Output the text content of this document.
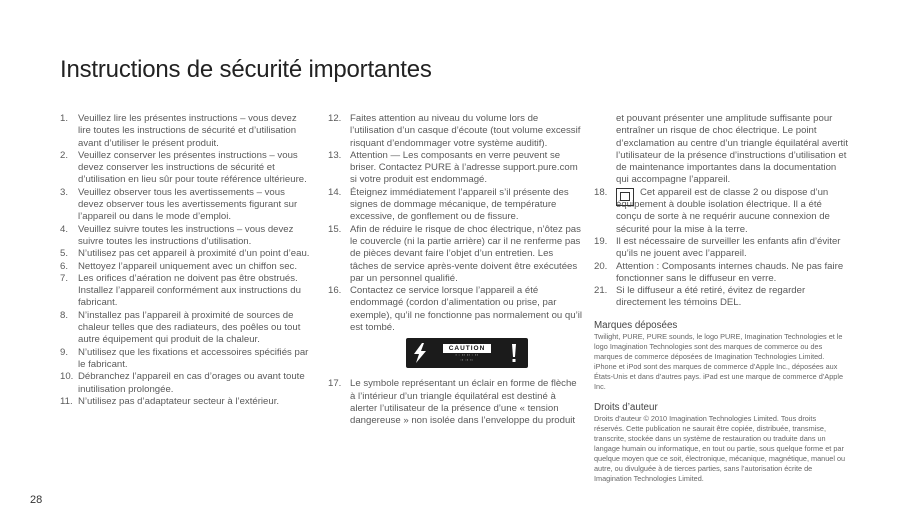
Instructions de sécurité importantes
1. Veuillez lire les présentes instructions – vous devez lire toutes les instructions de sécurité et d’utilisation avant d’utiliser le présent produit.
2. Veuillez conserver les présentes instructions – vous devez conserver les instructions de sécurité et d’utilisation en lieu sûr pour toute référence ultérieure.
3. Veuillez observer tous les avertissements – vous devez observer tous les avertissements figurant sur l’appareil ou dans le mode d’emploi.
4. Veuillez suivre toutes les instructions – vous devez suivre toutes les instructions d’utilisation.
5. N’utilisez pas cet appareil à proximité d’un point d’eau.
6. Nettoyez l’appareil uniquement avec un chiffon sec.
7. Les orifices d’aération ne doivent pas être obstrués. Installez l’appareil conformément aux instructions du fabricant.
8. N’installez pas l’appareil à proximité de sources de chaleur telles que des radiateurs, des poêles ou tout autre équipement qui produit de la chaleur.
9. N’utilisez que les fixations et accessoires spécifiés par le fabricant.
10. Débranchez l’appareil en cas d’orages ou avant toute inutilisation prolongée.
11. N’utilisez pas d’adaptateur secteur à l’extérieur.
12. Faites attention au niveau du volume lors de l’utilisation d’un casque d’écoute (tout volume excessif risquant d’endommager votre système auditif).
13. Attention — Les composants en verre peuvent se briser. Contactez PURE à l’adresse support.pure.com si votre produit est endommagé.
14. Éteignez immédiatement l’appareil s’il présente des signes de dommage mécanique, de température excessive, de gonflement ou de fissure.
15. Afin de réduire le risque de choc électrique, n’ôtez pas le couvercle (ni la partie arrière) car il ne renferme pas de pièces devant faire l’objet d’un entretien. Les tâches de service après-vente doivent être exécutées par un personnel qualifié.
16. Contactez ce service lorsque l’appareil a été endommagé (cordon d’alimentation ou prise, par exemple), qu’il ne fonctionne pas normalement ou qu’il est tombé.
CAUTION
▪ ▫ ▪▪ ▪▪ ▫ ▪▪
▫▪ ▫▪ ▪▫
17. Le symbole représentant un éclair en forme de flèche à l’intérieur d’un triangle équilatéral est destiné à alerter l’utilisateur de la présence d’une « tension dangereuse » non isolée dans l’enveloppe du produit
et pouvant présenter une amplitude suffisante pour entraîner un risque de choc électrique. Le point d’exclamation au centre d’un triangle équilatéral avertit l’utilisateur de la présence d’instructions d’utilisation et de maintenance importantes dans la documentation qui accompagne l’appareil.
18.	Cet appareil est de classe 2 ou dispose d’un équipement à double isolation électrique. Il a été conçu de sorte à ne requérir aucune connexion de sécurité pour la mise à la terre.
19. Il est nécessaire de surveiller les enfants afin d’éviter qu’ils ne jouent avec l’appareil.
20. Attention : Composants internes chauds. Ne pas faire fonctionner sans le diffuseur en verre.
21. Si le diffuseur a été retiré, évitez de regarder directement les témoins DEL.
Marques déposées
Twilight, PURE, PURE sounds, le logo PURE, Imagination Technologies et le logo Imagination Technologies sont des marques de commerce ou des marques de commerce déposées de Imagination Technologies Limited.
iPhone et iPod sont des marques de commerce d’Apple Inc., déposées aux États-Unis et dans d’autres pays. iPad est une marque de commerce d’Apple Inc.
Droits d’auteur
Droits d’auteur © 2010 Imagination Technologies Limited. Tous droits réservés. Cette publication ne saurait être copiée, distribuée, transmise, transcrite, stockée dans un système de restauration ou traduite dans un langage humain ou informatique, en tout ou partie, sous quelque forme et par quelque moyen que ce soit, électronique, mécanique, magnétique, manuel ou autre, ou divulguée à de tierces parties, sans l’autorisation écrite de Imagination Technologies Limited.
28
